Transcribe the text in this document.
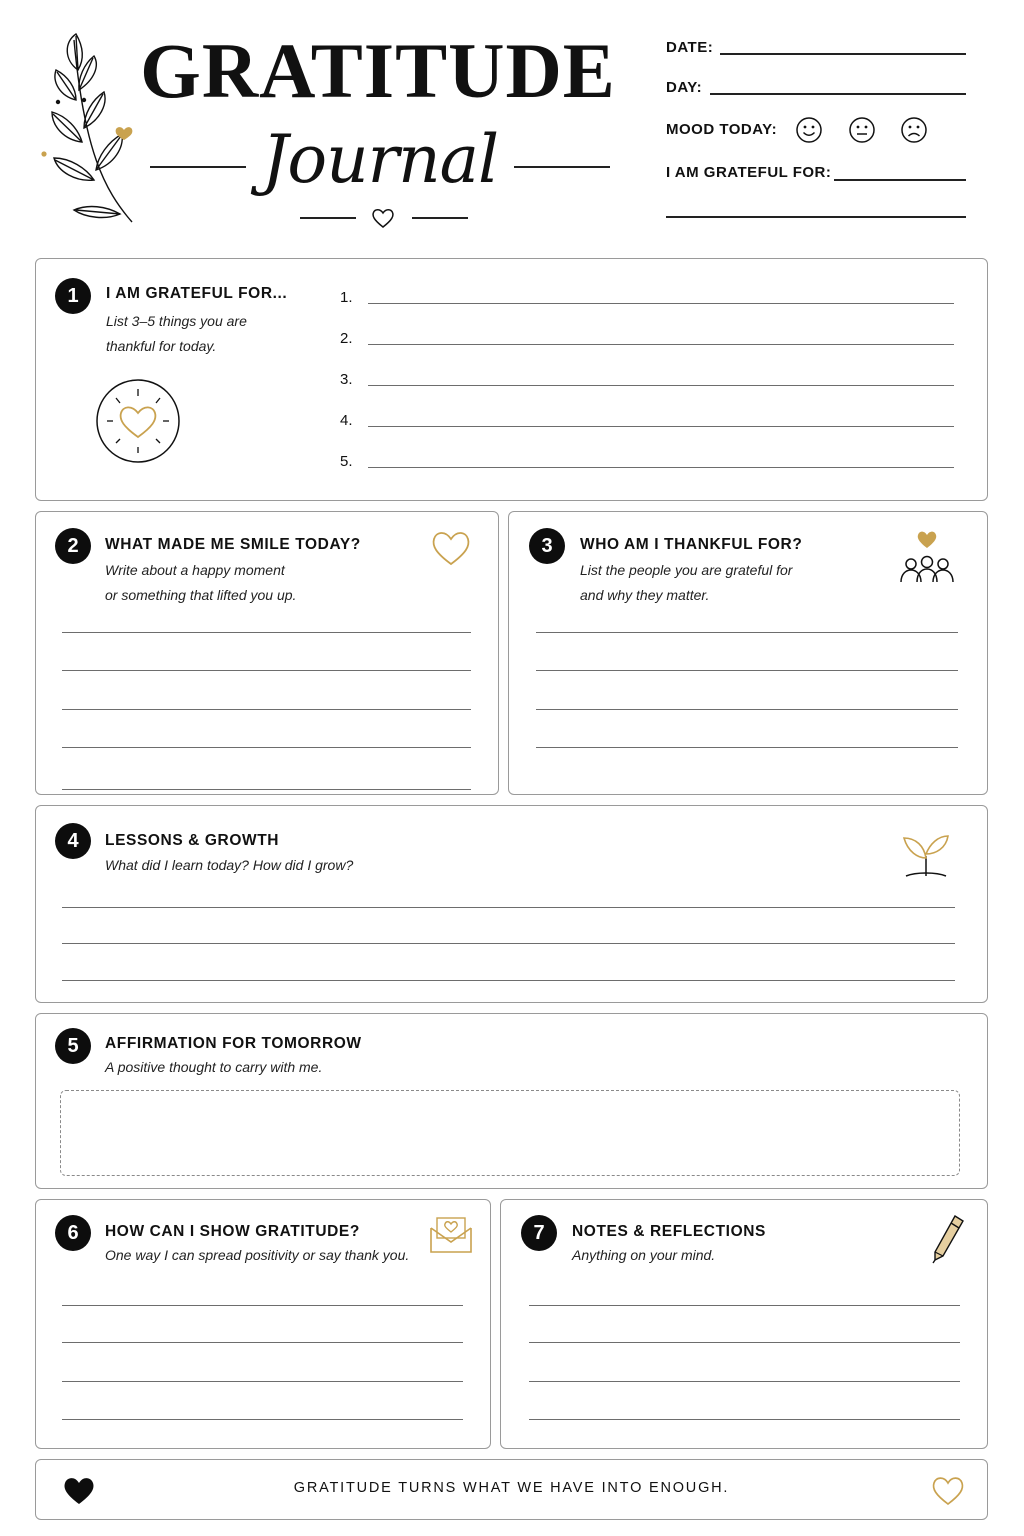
GRATITUDE
Journal
DATE:
DAY:
MOOD TODAY:
I AM GRATEFUL FOR:
1	I AM GRATEFUL FOR...
List 3–5 things you are
thankful for today.
1.
2.
3.
4.
5.
2	WHAT MADE ME SMILE TODAY?
Write about a happy moment
or something that lifted you up.
3	WHO AM I THANKFUL FOR?
List the people you are grateful for
and why they matter.
4	LESSONS & GROWTH
What did I learn today? How did I grow?
5	AFFIRMATION FOR TOMORROW
A positive thought to carry with me.
6	HOW CAN I SHOW GRATITUDE?
One way I can spread positivity or say thank you.
7	NOTES & REFLECTIONS
Anything on your mind.
GRATITUDE TURNS WHAT WE HAVE INTO ENOUGH.
